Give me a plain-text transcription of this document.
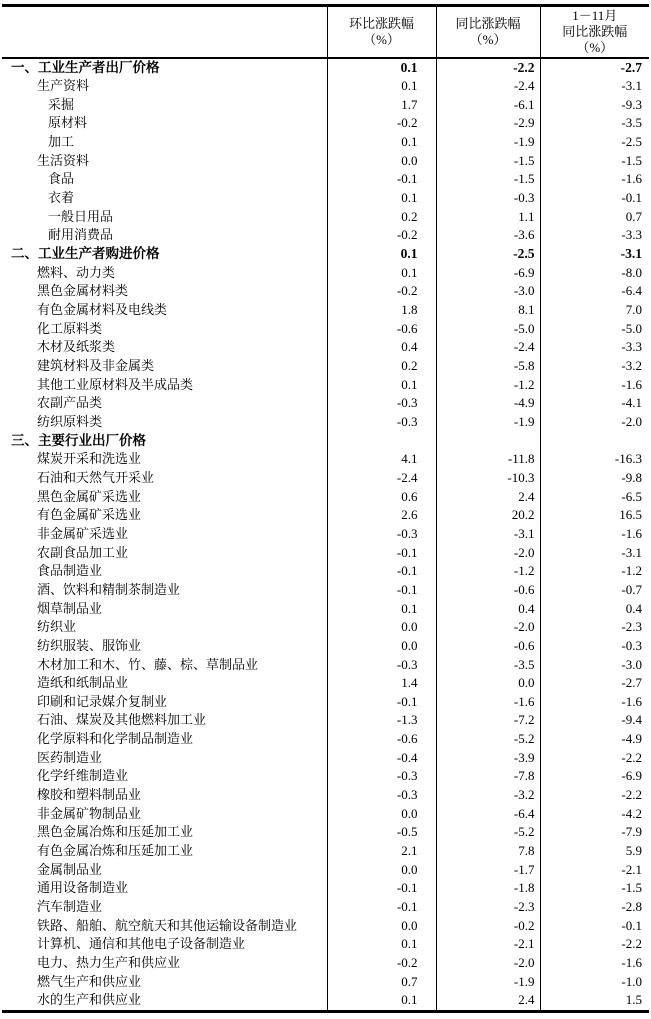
环比涨跌幅
（%）

同比涨跌幅
（%）

1－11月
同比涨跌幅
（%）

一、工业生产者出厂价格	0.1	-2.2	-2.7
生产资料	0.1	-2.4	-3.1
采掘	1.7	-6.1	-9.3
原材料	-0.2	-2.9	-3.5
加工	0.1	-1.9	-2.5
生活资料	0.0	-1.5	-1.5
食品	-0.1	-1.5	-1.6
衣着	0.1	-0.3	-0.1
一般日用品	0.2	1.1	0.7
耐用消费品	-0.2	-3.6	-3.3
二、工业生产者购进价格	0.1	-2.5	-3.1
燃料、动力类	0.1	-6.9	-8.0
黑色金属材料类	-0.2	-3.0	-6.4
有色金属材料及电线类	1.8	8.1	7.0
化工原料类	-0.6	-5.0	-5.0
木材及纸浆类	0.4	-2.4	-3.3
建筑材料及非金属类	0.2	-5.8	-3.2
其他工业原材料及半成品类	0.1	-1.2	-1.6
农副产品类	-0.3	-4.9	-4.1
纺织原料类	-0.3	-1.9	-2.0
三、主要行业出厂价格			
煤炭开采和洗选业	4.1	-11.8	-16.3
石油和天然气开采业	-2.4	-10.3	-9.8
黑色金属矿采选业	0.6	2.4	-6.5
有色金属矿采选业	2.6	20.2	16.5
非金属矿采选业	-0.3	-3.1	-1.6
农副食品加工业	-0.1	-2.0	-3.1
食品制造业	-0.1	-1.2	-1.2
酒、饮料和精制茶制造业	-0.1	-0.6	-0.7
烟草制品业	0.1	0.4	0.4
纺织业	0.0	-2.0	-2.3
纺织服装、服饰业	0.0	-0.6	-0.3
木材加工和木、竹、藤、棕、草制品业	-0.3	-3.5	-3.0
造纸和纸制品业	1.4	0.0	-2.7
印刷和记录媒介复制业	-0.1	-1.6	-1.6
石油、煤炭及其他燃料加工业	-1.3	-7.2	-9.4
化学原料和化学制品制造业	-0.6	-5.2	-4.9
医药制造业	-0.4	-3.9	-2.2
化学纤维制造业	-0.3	-7.8	-6.9
橡胶和塑料制品业	-0.3	-3.2	-2.2
非金属矿物制品业	0.0	-6.4	-4.2
黑色金属冶炼和压延加工业	-0.5	-5.2	-7.9
有色金属冶炼和压延加工业	2.1	7.8	5.9
金属制品业	0.0	-1.7	-2.1
通用设备制造业	-0.1	-1.8	-1.5
汽车制造业	-0.1	-2.3	-2.8
铁路、船舶、航空航天和其他运输设备制造业	0.0	-0.2	-0.1
计算机、通信和其他电子设备制造业	0.1	-2.1	-2.2
电力、热力生产和供应业	-0.2	-2.0	-1.6
燃气生产和供应业	0.7	-1.9	-1.0
水的生产和供应业	0.1	2.4	1.5
